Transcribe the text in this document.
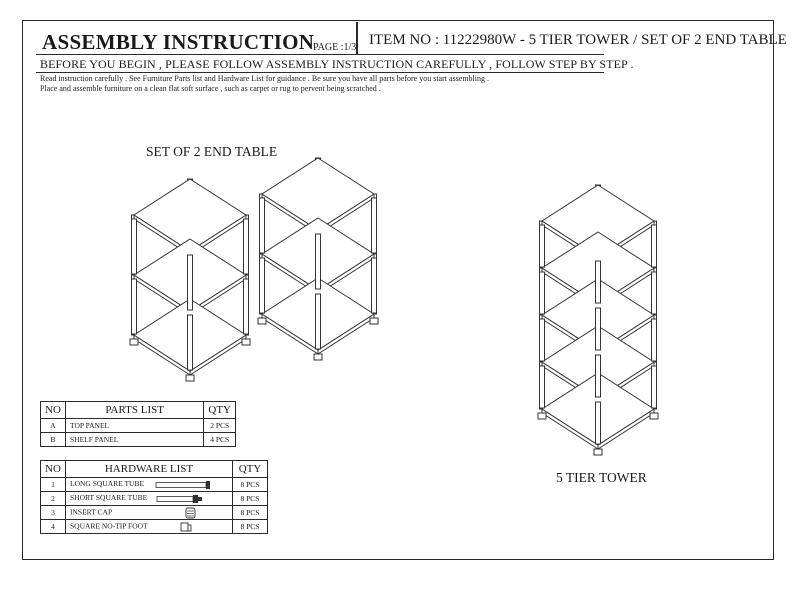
ASSEMBLY INSTRUCTION
PAGE :1/3 ITEM NO : 11222980W - 5 TIER TOWER / SET OF 2 END TABLE
BEFORE YOU BEGIN , PLEASE FOLLOW ASSEMBLY INSTRUCTION CAREFULLY , FOLLOW STEP BY STEP .
Read instruction carefully . See Furniture Parts list and Hardware List for guidance . Be sure you have all parts before you start assembling .
Place and assemble furniture on a clean flat soft surface , such as carpet or rug to pervent being scratched .
SET OF 2 END TABLE
5 TIER TOWER
NO	PARTS LIST	QTY
A	TOP PANEL	2 PCS
B	SHELF PANEL	4 PCS
NO	HARDWARE LIST	QTY
1	LONG SQUARE TUBE	8 PCS
2	SHORT SQUARE TUBE	8 PCS
3	INSERT CAP	8 PCS
4	SQUARE NO-TIP FOOT	8 PCS
